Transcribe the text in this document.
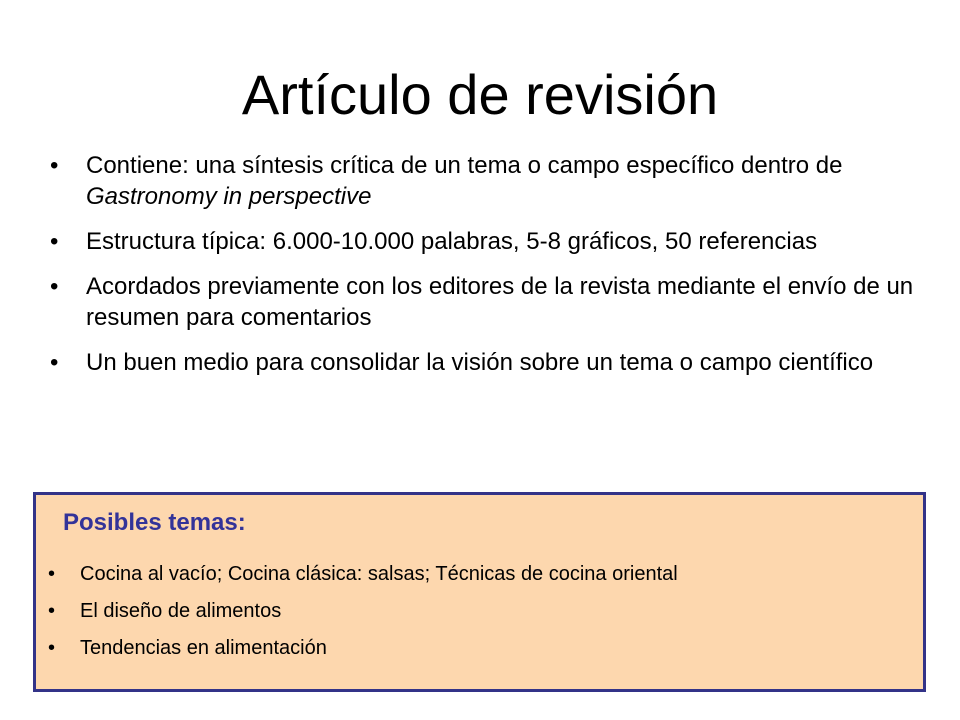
Artículo de revisión
• Contiene: una síntesis crítica de un tema o campo específico dentro de Gastronomy in perspective
• Estructura típica: 6.000-10.000 palabras, 5-8 gráficos, 50 referencias
• Acordados previamente con los editores de la revista mediante el envío de un resumen para comentarios
• Un buen medio para consolidar la visión sobre un tema o campo científico
Posibles temas:
• Cocina al vacío; Cocina clásica: salsas; Técnicas de cocina oriental
• El diseño de alimentos
• Tendencias en alimentación
